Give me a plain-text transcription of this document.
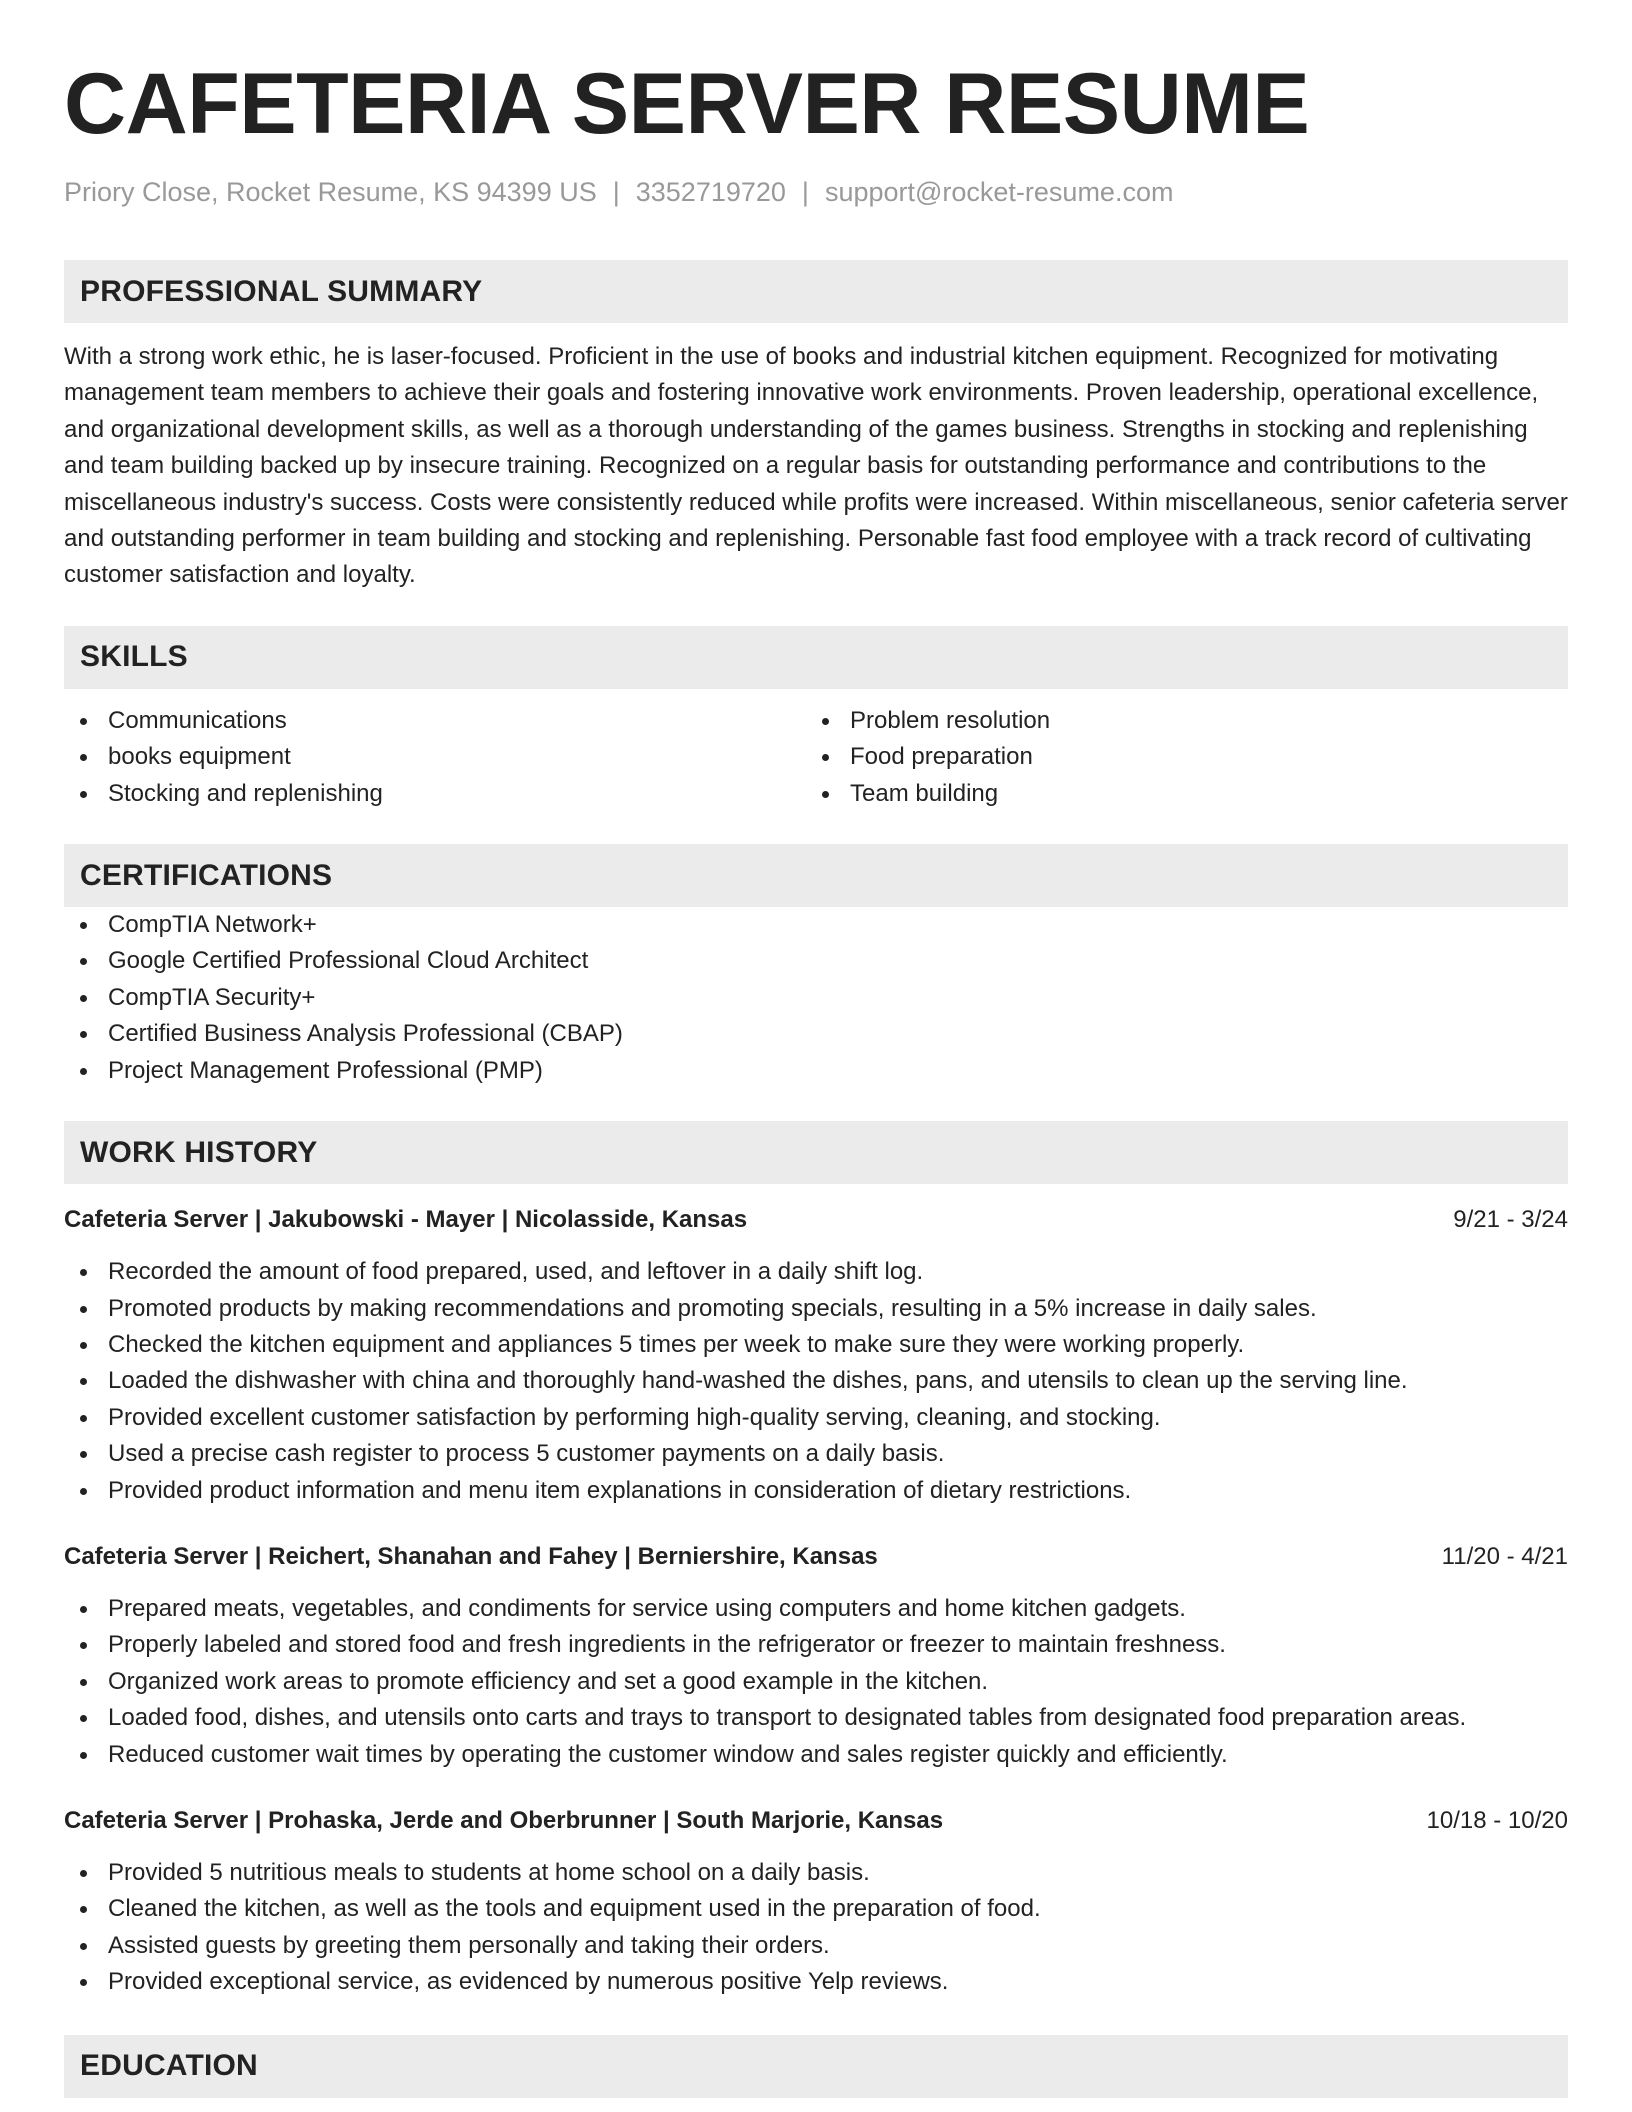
CAFETERIA SERVER RESUME
Priory Close, Rocket Resume, KS 94399 US | 3352719720 | support@rocket-resume.com
PROFESSIONAL SUMMARY

With a strong work ethic, he is laser-focused. Proficient in the use of books and industrial kitchen equipment. Recognized for motivating management team members to achieve their goals and fostering innovative work environments. Proven leadership, operational excellence, and organizational development skills, as well as a thorough understanding of the games business. Strengths in stocking and replenishing and team building backed up by insecure training. Recognized on a regular basis for outstanding performance and contributions to the miscellaneous industry's success. Costs were consistently reduced while profits were increased. Within miscellaneous, senior cafeteria server and outstanding performer in team building and stocking and replenishing. Personable fast food employee with a track record of cultivating customer satisfaction and loyalty.

SKILLS
Communications
books equipment
Stocking and replenishing
Problem resolution
Food preparation
Team building
CERTIFICATIONS
CompTIA Network+
Google Certified Professional Cloud Architect
CompTIA Security+
Certified Business Analysis Professional (CBAP)
Project Management Professional (PMP)
WORK HISTORY
Cafeteria Server | Jakubowski - Mayer | Nicolasside, Kansas	9/21 - 3/24
Recorded the amount of food prepared, used, and leftover in a daily shift log.
Promoted products by making recommendations and promoting specials, resulting in a 5% increase in daily sales.
Checked the kitchen equipment and appliances 5 times per week to make sure they were working properly.
Loaded the dishwasher with china and thoroughly hand-washed the dishes, pans, and utensils to clean up the serving line.
Provided excellent customer satisfaction by performing high-quality serving, cleaning, and stocking.
Used a precise cash register to process 5 customer payments on a daily basis.
Provided product information and menu item explanations in consideration of dietary restrictions.
Cafeteria Server | Reichert, Shanahan and Fahey | Berniershire, Kansas	11/20 - 4/21
Prepared meats, vegetables, and condiments for service using computers and home kitchen gadgets.
Properly labeled and stored food and fresh ingredients in the refrigerator or freezer to maintain freshness.
Organized work areas to promote efficiency and set a good example in the kitchen.
Loaded food, dishes, and utensils onto carts and trays to transport to designated tables from designated food preparation areas.
Reduced customer wait times by operating the customer window and sales register quickly and efficiently.
Cafeteria Server | Prohaska, Jerde and Oberbrunner | South Marjorie, Kansas	10/18 - 10/20
Provided 5 nutritious meals to students at home school on a daily basis.
Cleaned the kitchen, as well as the tools and equipment used in the preparation of food.
Assisted guests by greeting them personally and taking their orders.
Provided exceptional service, as evidenced by numerous positive Yelp reviews.
EDUCATION
